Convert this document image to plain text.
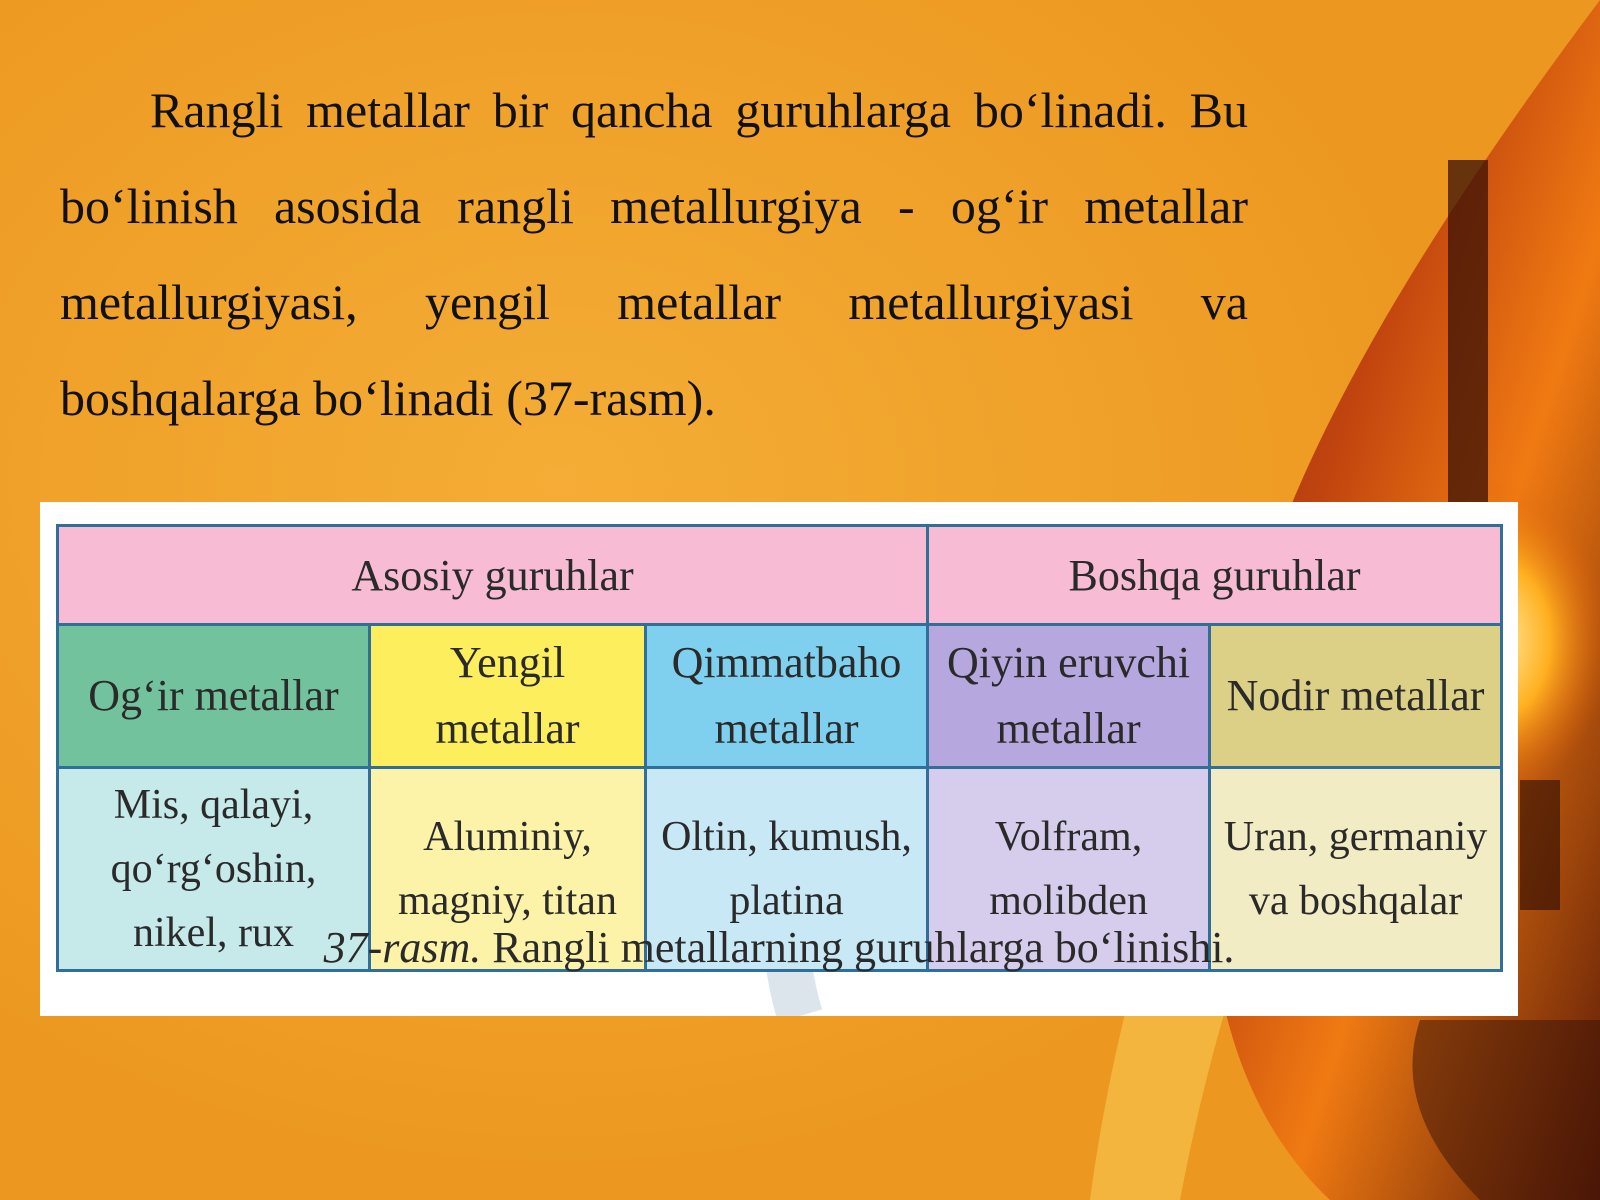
Rangli metallar bir qancha guruhlarga bo‘linadi. Bu bo‘linish asosida rangli metallurgiya - og‘ir metallar metallurgiyasi, yengil metallar metallurgiyasi va boshqalarga bo‘linadi (37-rasm).

Asosiy guruhlar			Boshqa guruhlar	
Og‘ir metallar	Yengil metallar	Qimmatbaho metallar	Qiyin eruvchi metallar	Nodir metallar
Mis, qalayi, qo‘rg‘oshin, nikel, rux	Aluminiy, magniy, titan	Oltin, kumush, platina	Volfram, molibden	Uran, germaniy va boshqalar
37-rasm. Rangli metallarning guruhlarga bo‘linishi.
